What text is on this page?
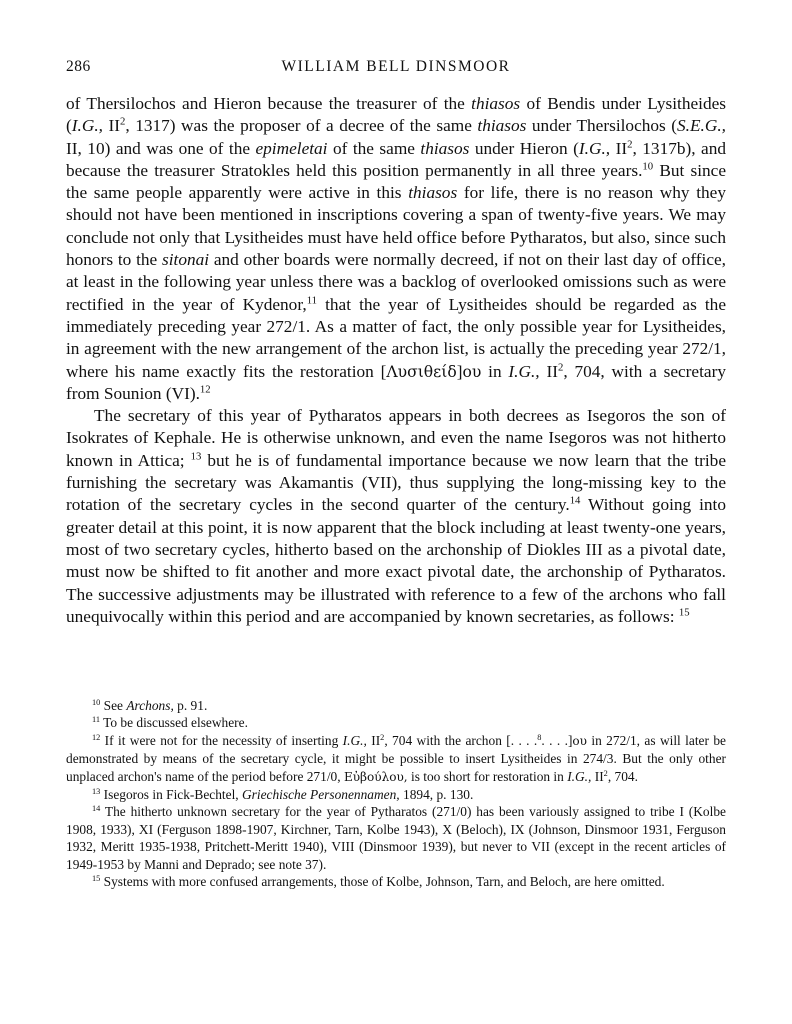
286	WILLIAM BELL DINSMOOR

of Thersilochos and Hieron because the treasurer of the thiasos of Bendis under Lysitheides (I.G., $II^2$, 1317) was the proposer of a decree of the same thiasos under Thersilochos (S.E.G., II, 10) and was one of the epimeletai of the same thiasos under Hieron (I.G., $II^2$, 1317b), and because the treasurer Stratokles held this position permanently in all three years.$^{10}$ But since the same people apparently were active in this thiasos for life, there is no reason why they should not have been mentioned in inscriptions covering a span of twenty-five years. We may conclude not only that Lysitheides must have held office before Pytharatos, but also, since such honors to the sitonai and other boards were normally decreed, if not on their last day of office, at least in the following year unless there was a backlog of overlooked omissions such as were rectified in the year of Kydenor,$^{11}$ that the year of Lysitheides should be regarded as the immediately preceding year 272/1. As a matter of fact, the only possible year for Lysitheides, in agreement with the new arrangement of the archon list, is actually the preceding year 272/1, where his name exactly fits the restoration [Λυσιθείδ]ου in I.G., $II^2$, 704, with a secretary from Sounion (VI).$^{12}$

The secretary of this year of Pytharatos appears in both decrees as Isegoros the son of Isokrates of Kephale. He is otherwise unknown, and even the name Isegoros was not hitherto known in Attica; $^{13}$ but he is of fundamental importance because we now learn that the tribe furnishing the secretary was Akamantis (VII), thus supplying the long-missing key to the rotation of the secretary cycles in the second quarter of the century.$^{14}$ Without going into greater detail at this point, it is now apparent that the block including at least twenty-one years, most of two secretary cycles, hitherto based on the archonship of Diokles III as a pivotal date, must now be shifted to fit another and more exact pivotal date, the archonship of Pytharatos. The successive adjustments may be illustrated with reference to a few of the archons who fall unequivocally within this period and are accompanied by known secretaries, as follows: $^{15}$

$^{10}$ See Archons, p. 91.

$^{11}$ To be discussed elsewhere.

$^{12}$ If it were not for the necessity of inserting I.G., $II^2$, 704 with the archon [. . . .$^8$. . . .]ου in 272/1, as will later be demonstrated by means of the secretary cycle, it might be possible to insert Lysitheides in 274/3. But the only other unplaced archon's name of the period before 271/0, Εὐβούλου, is too short for restoration in I.G., $II^2$, 704.

$^{13}$ Isegoros in Fick-Bechtel, Griechische Personennamen, 1894, p. 130.

$^{14}$ The hitherto unknown secretary for the year of Pytharatos (271/0) has been variously assigned to tribe I (Kolbe 1908, 1933), XI (Ferguson 1898-1907, Kirchner, Tarn, Kolbe 1943), X (Beloch), IX (Johnson, Dinsmoor 1931, Ferguson 1932, Meritt 1935-1938, Pritchett-Meritt 1940), VIII (Dinsmoor 1939), but never to VII (except in the recent articles of 1949-1953 by Manni and Deprado; see note 37).

$^{15}$ Systems with more confused arrangements, those of Kolbe, Johnson, Tarn, and Beloch, are here omitted.
